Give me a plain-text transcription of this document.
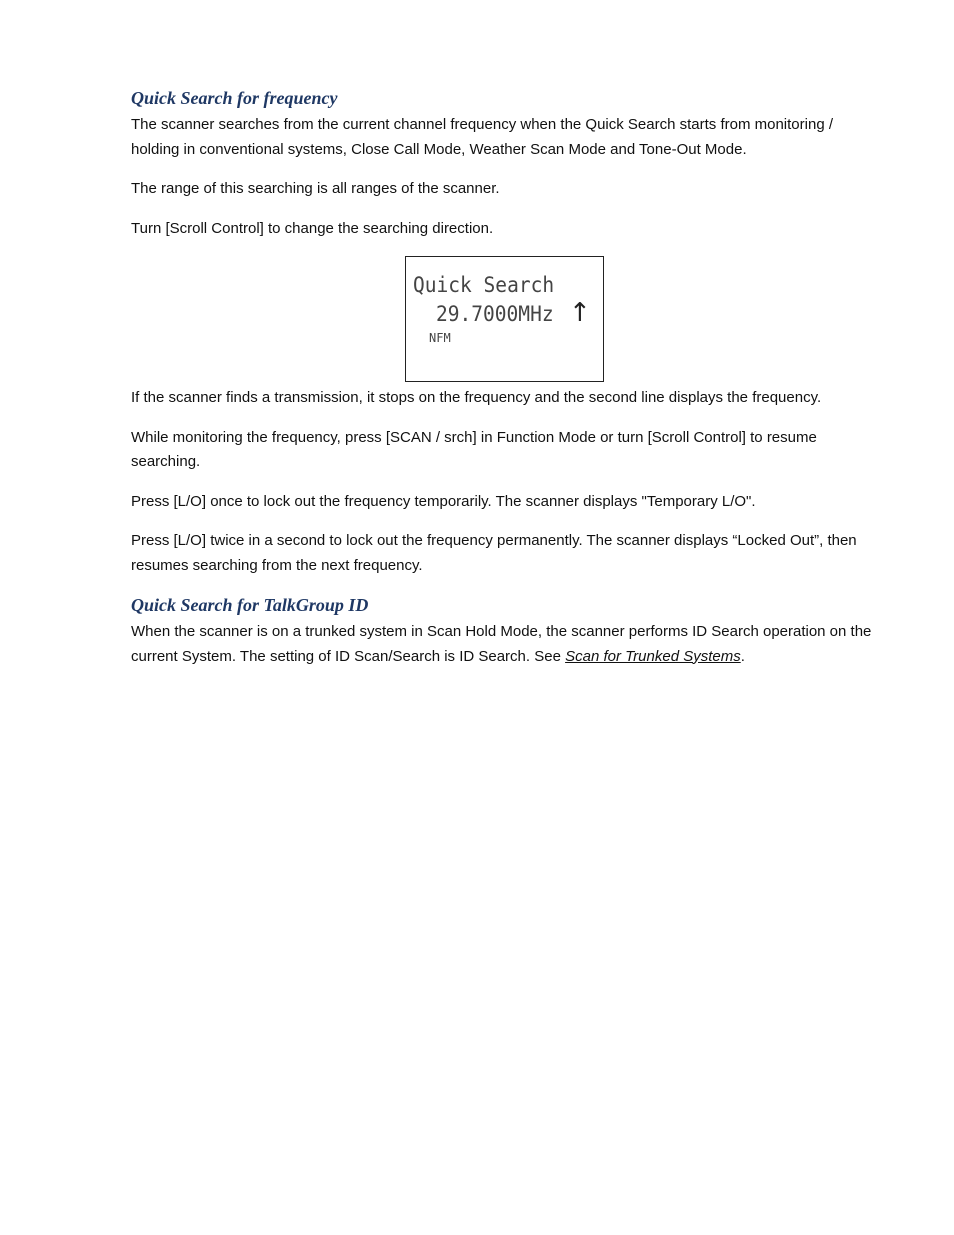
Quick Search for frequency

The scanner searches from the current channel frequency when the Quick Search starts from monitoring / holding in conventional systems, Close Call Mode, Weather Scan Mode and Tone-Out Mode.

The range of this searching is all ranges of the scanner.

Turn [Scroll Control] to change the searching direction.

Quick Search
29.7000MHz ↑
NFM

If the scanner finds a transmission, it stops on the frequency and the second line displays the frequency.

While monitoring the frequency, press [SCAN / srch] in Function Mode or turn [Scroll Control] to resume searching.

Press [L/O] once to lock out the frequency temporarily. The scanner displays "Temporary L/O".

Press [L/O] twice in a second to lock out the frequency permanently. The scanner displays “Locked Out”, then resumes searching from the next frequency.

Quick Search for TalkGroup ID

When the scanner is on a trunked system in Scan Hold Mode, the scanner performs ID Search operation on the current System. The setting of ID Scan/Search is ID Search. See Scan for Trunked Systems.
